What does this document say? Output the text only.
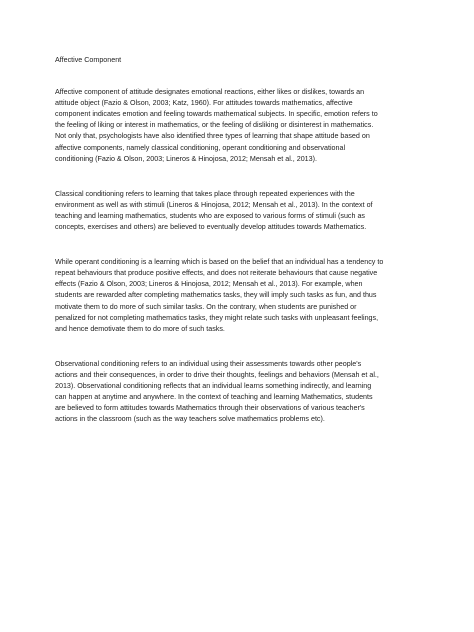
Affective Component
Affective component of attitude designates emotional reactions, either likes or dislikes, towards an
attitude object (Fazio & Olson, 2003; Katz, 1960). For attitudes towards mathematics, affective
component indicates emotion and feeling towards mathematical subjects. In specific, emotion refers to
the feeling of liking or interest in mathematics, or the feeling of disliking or disinterest in mathematics.
Not only that, psychologists have also identified three types of learning that shape attitude based on
affective components, namely classical conditioning, operant conditioning and observational
conditioning (Fazio & Olson, 2003; Lineros & Hinojosa, 2012; Mensah et al., 2013).
Classical conditioning refers to learning that takes place through repeated experiences with the
environment as well as with stimuli (Lineros & Hinojosa, 2012; Mensah et al., 2013). In the context of
teaching and learning mathematics, students who are exposed to various forms of stimuli (such as
concepts, exercises and others) are believed to eventually develop attitudes towards Mathematics.
While operant conditioning is a learning which is based on the belief that an individual has a tendency to
repeat behaviours that produce positive effects, and does not reiterate behaviours that cause negative
effects (Fazio & Olson, 2003; Lineros & Hinojosa, 2012; Mensah et al., 2013). For example, when
students are rewarded after completing mathematics tasks, they will imply such tasks as fun, and thus
motivate them to do more of such similar tasks. On the contrary, when students are punished or
penalized for not completing mathematics tasks, they might relate such tasks with unpleasant feelings,
and hence demotivate them to do more of such tasks.
Observational conditioning refers to an individual using their assessments towards other people's
actions and their consequences, in order to drive their thoughts, feelings and behaviors (Mensah et al.,
2013). Observational conditioning reflects that an individual learns something indirectly, and learning
can happen at anytime and anywhere. In the context of teaching and learning Mathematics, students
are believed to form attitudes towards Mathematics through their observations of various teacher's
actions in the classroom (such as the way teachers solve mathematics problems etc).
